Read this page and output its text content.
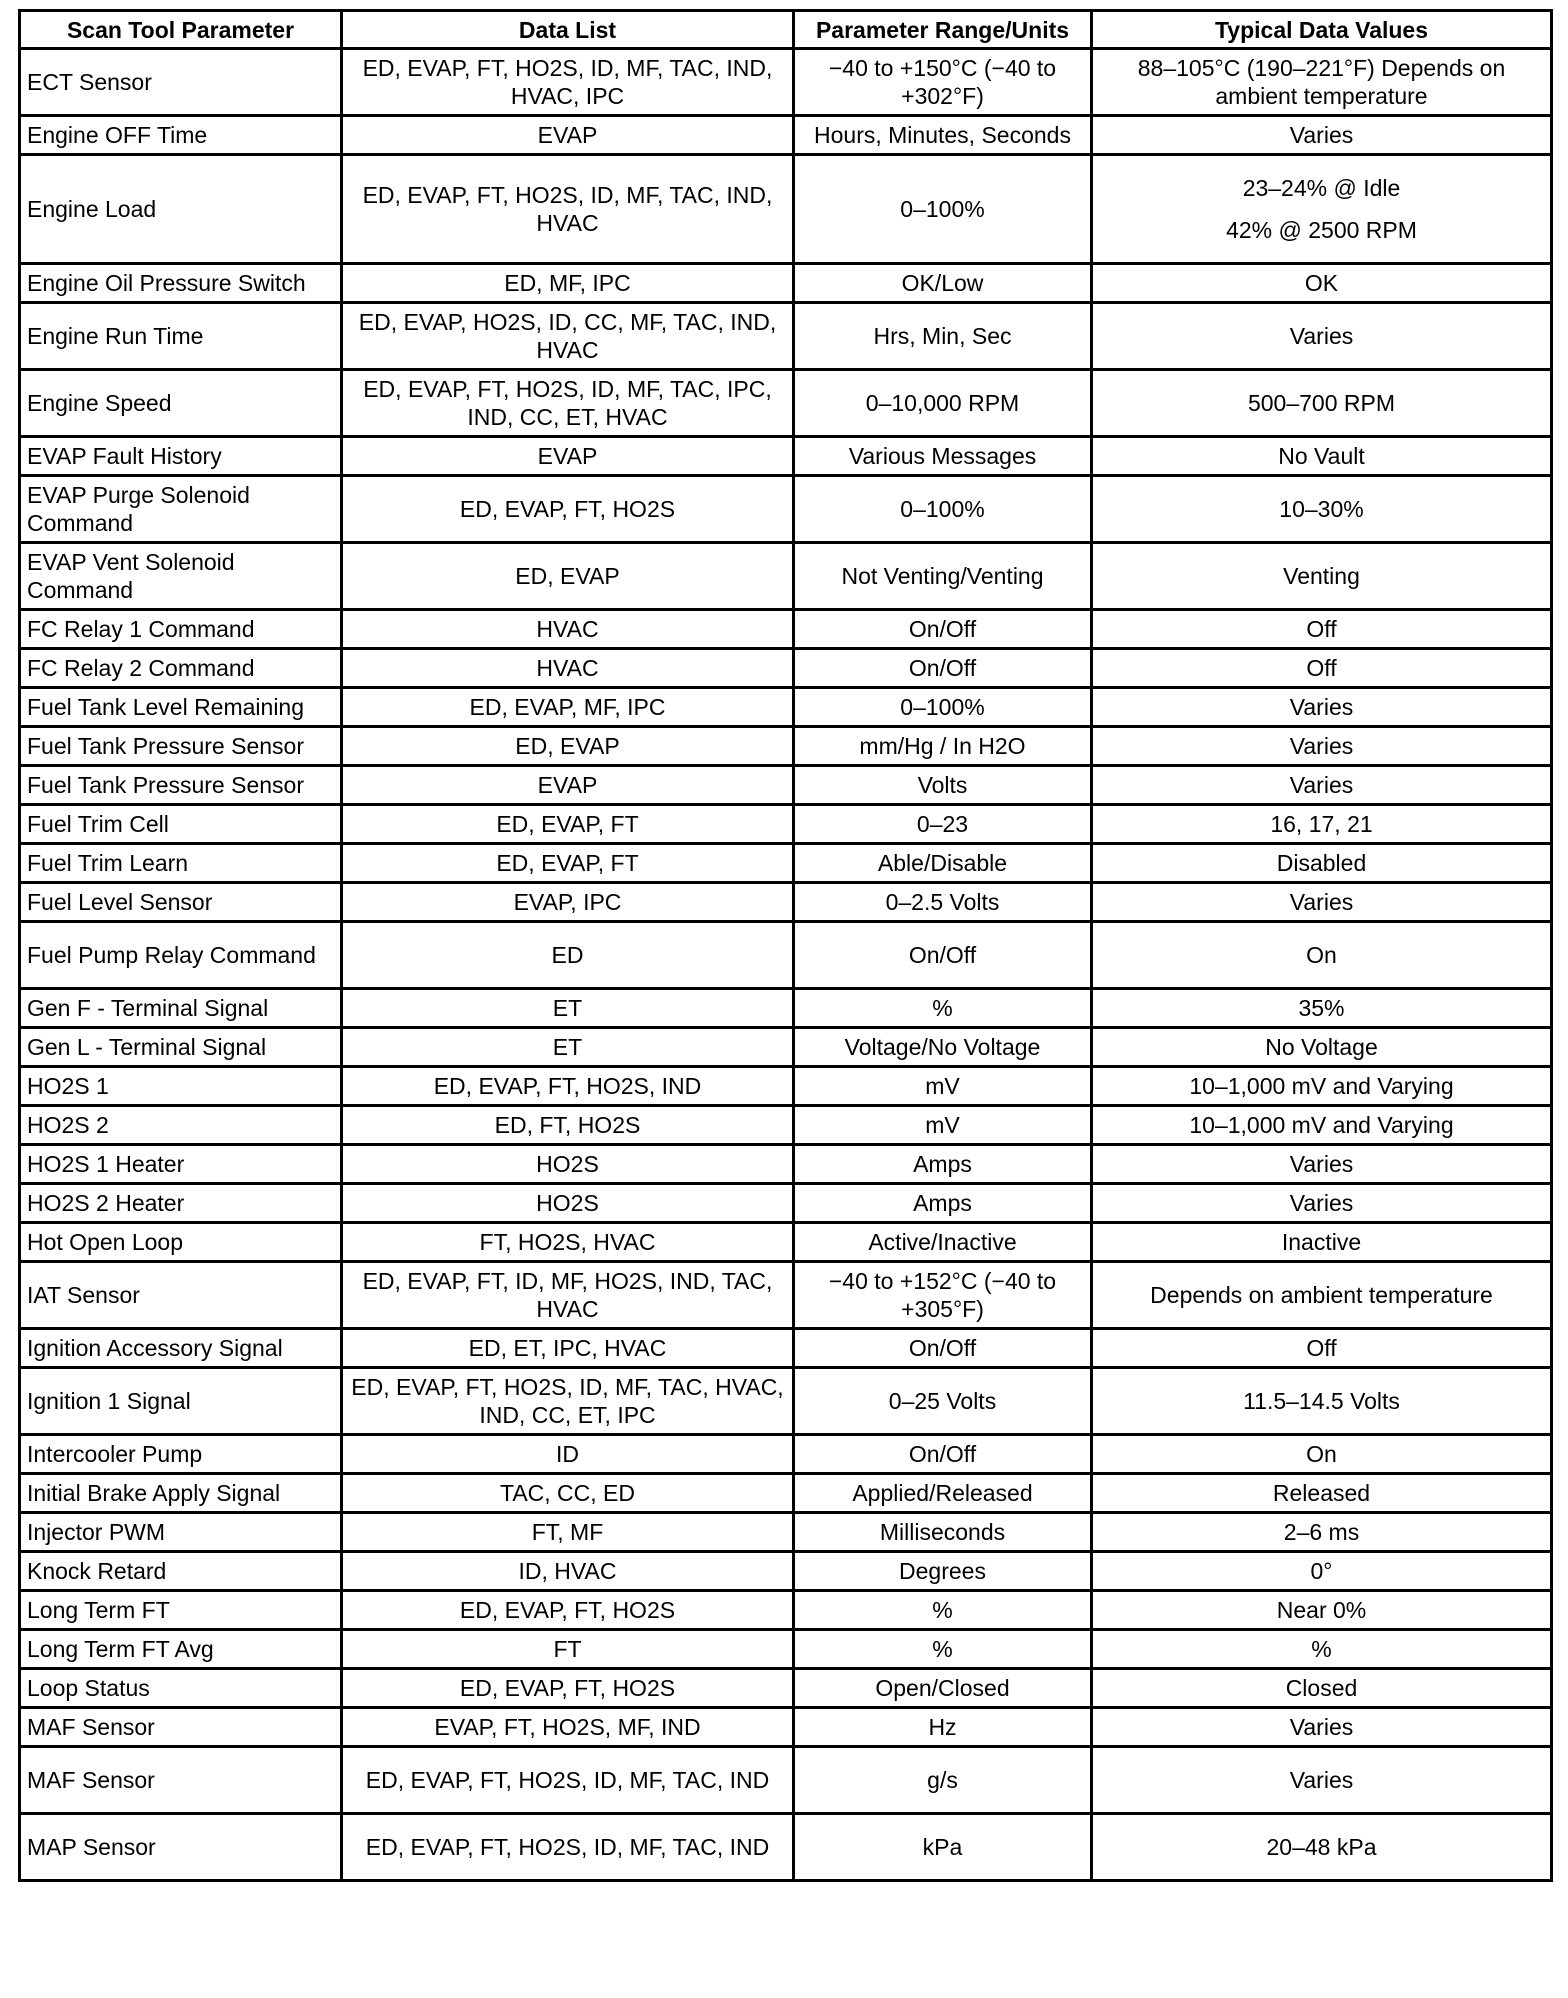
Scan Tool Parameter	Data List	Parameter Range/Units	Typical Data Values
ECT Sensor	ED, EVAP, FT, HO2S, ID, MF, TAC, IND, HVAC, IPC	−40 to +150°C (−40 to +302°F)	88–105°C (190–221°F) Depends on ambient temperature
Engine OFF Time	EVAP	Hours, Minutes, Seconds	Varies
Engine Load	ED, EVAP, FT, HO2S, ID, MF, TAC, IND, HVAC	0–100%	23–24% @ Idle
42% @ 2500 RPM

Engine Oil Pressure Switch	ED, MF, IPC	OK/Low	OK
Engine Run Time	ED, EVAP, HO2S, ID, CC, MF, TAC, IND, HVAC	Hrs, Min, Sec	Varies
Engine Speed	ED, EVAP, FT, HO2S, ID, MF, TAC, IPC, IND, CC, ET, HVAC	0–10,000 RPM	500–700 RPM
EVAP Fault History	EVAP	Various Messages	No Vault
EVAP Purge Solenoid Command	ED, EVAP, FT, HO2S	0–100%	10–30%
EVAP Vent Solenoid Command	ED, EVAP	Not Venting/Venting	Venting
FC Relay 1 Command	HVAC	On/Off	Off
FC Relay 2 Command	HVAC	On/Off	Off
Fuel Tank Level Remaining	ED, EVAP, MF, IPC	0–100%	Varies
Fuel Tank Pressure Sensor	ED, EVAP	mm/Hg / In H2O	Varies
Fuel Tank Pressure Sensor	EVAP	Volts	Varies
Fuel Trim Cell	ED, EVAP, FT	0–23	16, 17, 21
Fuel Trim Learn	ED, EVAP, FT	Able/Disable	Disabled
Fuel Level Sensor	EVAP, IPC	0–2.5 Volts	Varies
Fuel Pump Relay Command	ED	On/Off	On
Gen F - Terminal Signal	ET	%	35%
Gen L - Terminal Signal	ET	Voltage/No Voltage	No Voltage
HO2S 1	ED, EVAP, FT, HO2S, IND	mV	10–1,000 mV and Varying
HO2S 2	ED, FT, HO2S	mV	10–1,000 mV and Varying
HO2S 1 Heater	HO2S	Amps	Varies
HO2S 2 Heater	HO2S	Amps	Varies
Hot Open Loop	FT, HO2S, HVAC	Active/Inactive	Inactive
IAT Sensor	ED, EVAP, FT, ID, MF, HO2S, IND, TAC, HVAC	−40 to +152°C (−40 to +305°F)	Depends on ambient temperature
Ignition Accessory Signal	ED, ET, IPC, HVAC	On/Off	Off
Ignition 1 Signal	ED, EVAP, FT, HO2S, ID, MF, TAC, HVAC, IND, CC, ET, IPC	0–25 Volts	11.5–14.5 Volts
Intercooler Pump	ID	On/Off	On
Initial Brake Apply Signal	TAC, CC, ED	Applied/Released	Released
Injector PWM	FT, MF	Milliseconds	2–6 ms
Knock Retard	ID, HVAC	Degrees	0°
Long Term FT	ED, EVAP, FT, HO2S	%	Near 0%
Long Term FT Avg	FT	%	%
Loop Status	ED, EVAP, FT, HO2S	Open/Closed	Closed
MAF Sensor	EVAP, FT, HO2S, MF, IND	Hz	Varies
MAF Sensor	ED, EVAP, FT, HO2S, ID, MF, TAC, IND	g/s	Varies
MAP Sensor	ED, EVAP, FT, HO2S, ID, MF, TAC, IND	kPa	20–48 kPa
